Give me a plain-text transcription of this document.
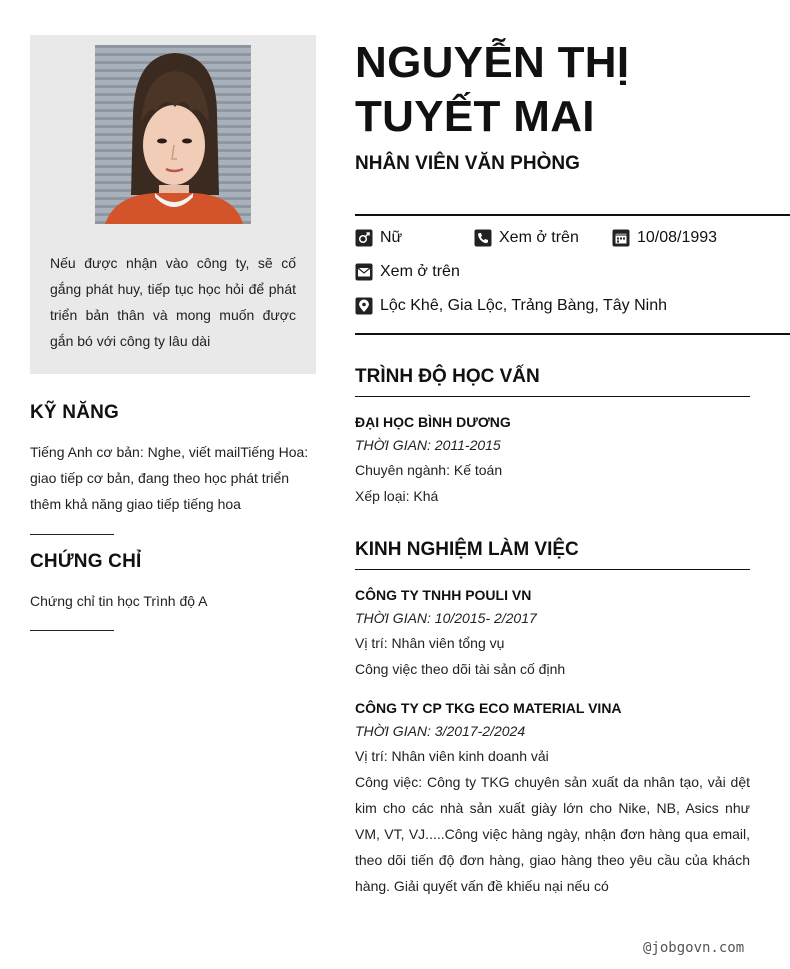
Nếu được nhận vào công ty, sẽ cố gắng phát huy, tiếp tục học hỏi để phát triển bản thân và mong muốn được gắn bó với công ty lâu dài
KỸ NĂNG
Tiếng Anh cơ bản: Nghe, viết mailTiếng Hoa: giao tiếp cơ bản, đang theo học phát triển thêm khả năng giao tiếp tiếng hoa
CHỨNG CHỈ
Chứng chỉ tin học Trình độ A
NGUYỄN THỊ
TUYẾT MAI
NHÂN VIÊN VĂN PHÒNG
Nữ	Xem ở trên	10/08/1993
Xem ở trên
Lộc Khê, Gia Lộc, Trảng Bàng, Tây Ninh
TRÌNH ĐỘ HỌC VẤN
ĐẠI HỌC BÌNH DƯƠNG
THỜI GIAN: 2011-2015
Chuyên ngành: Kế toán
Xếp loại: Khá
KINH NGHIỆM LÀM VIỆC
CÔNG TY TNHH POULI VN
THỜI GIAN: 10/2015- 2/2017
Vị trí: Nhân viên tổng vụ
Công việc theo dõi tài sản cố định
CÔNG TY CP TKG ECO MATERIAL VINA
THỜI GIAN: 3/2017-2/2024
Vị trí: Nhân viên kinh doanh vải
Công việc: Công ty TKG chuyên sản xuất da nhân tạo, vải dệt kim cho các nhà sản xuất giày lớn cho Nike, NB, Asics như VM, VT, VJ.....Công việc hàng ngày, nhận đơn hàng qua email, theo dõi tiến độ đơn hàng, giao hàng theo yêu cầu của khách hàng. Giải quyết vấn đề khiếu nại nếu có
@jobgovn.com
